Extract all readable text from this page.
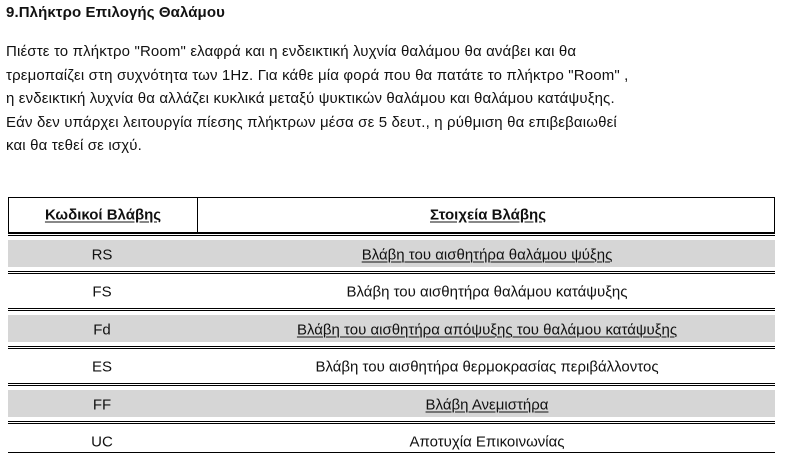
9.Πλήκτρο Επιλογής Θαλάμου
Πιέστε το πλήκτρο "Room" ελαφρά και η ενδεικτική λυχνία θαλάμου θα ανάβει και θα
τρεμοπαίζει στη συχνότητα των 1Hz. Για κάθε μία φορά που θα πατάτε το πλήκτρο "Room" ,
η ενδεικτική λυχνία θα αλλάζει κυκλικά μεταξύ ψυκτικών θαλάμου και θαλάμου κατάψυξης.
Εάν δεν υπάρχει λειτουργία πίεσης πλήκτρων μέσα σε 5 δευτ., η ρύθμιση θα επιβεβαιωθεί
και θα τεθεί σε ισχύ.
Κωδικοί Βλάβης	Στοιχεία Βλάβης
RS	Βλάβη του αισθητήρα θαλάμου ψύξης
FS	Βλάβη του αισθητήρα θαλάμου κατάψυξης
Fd	Βλάβη του αισθητήρα απόψυξης του θαλάμου κατάψυξης
ES	Βλάβη του αισθητήρα θερμοκρασίας περιβάλλοντος
FF	Βλάβη Ανεμιστήρα
UC	Αποτυχία Επικοινωνίας
